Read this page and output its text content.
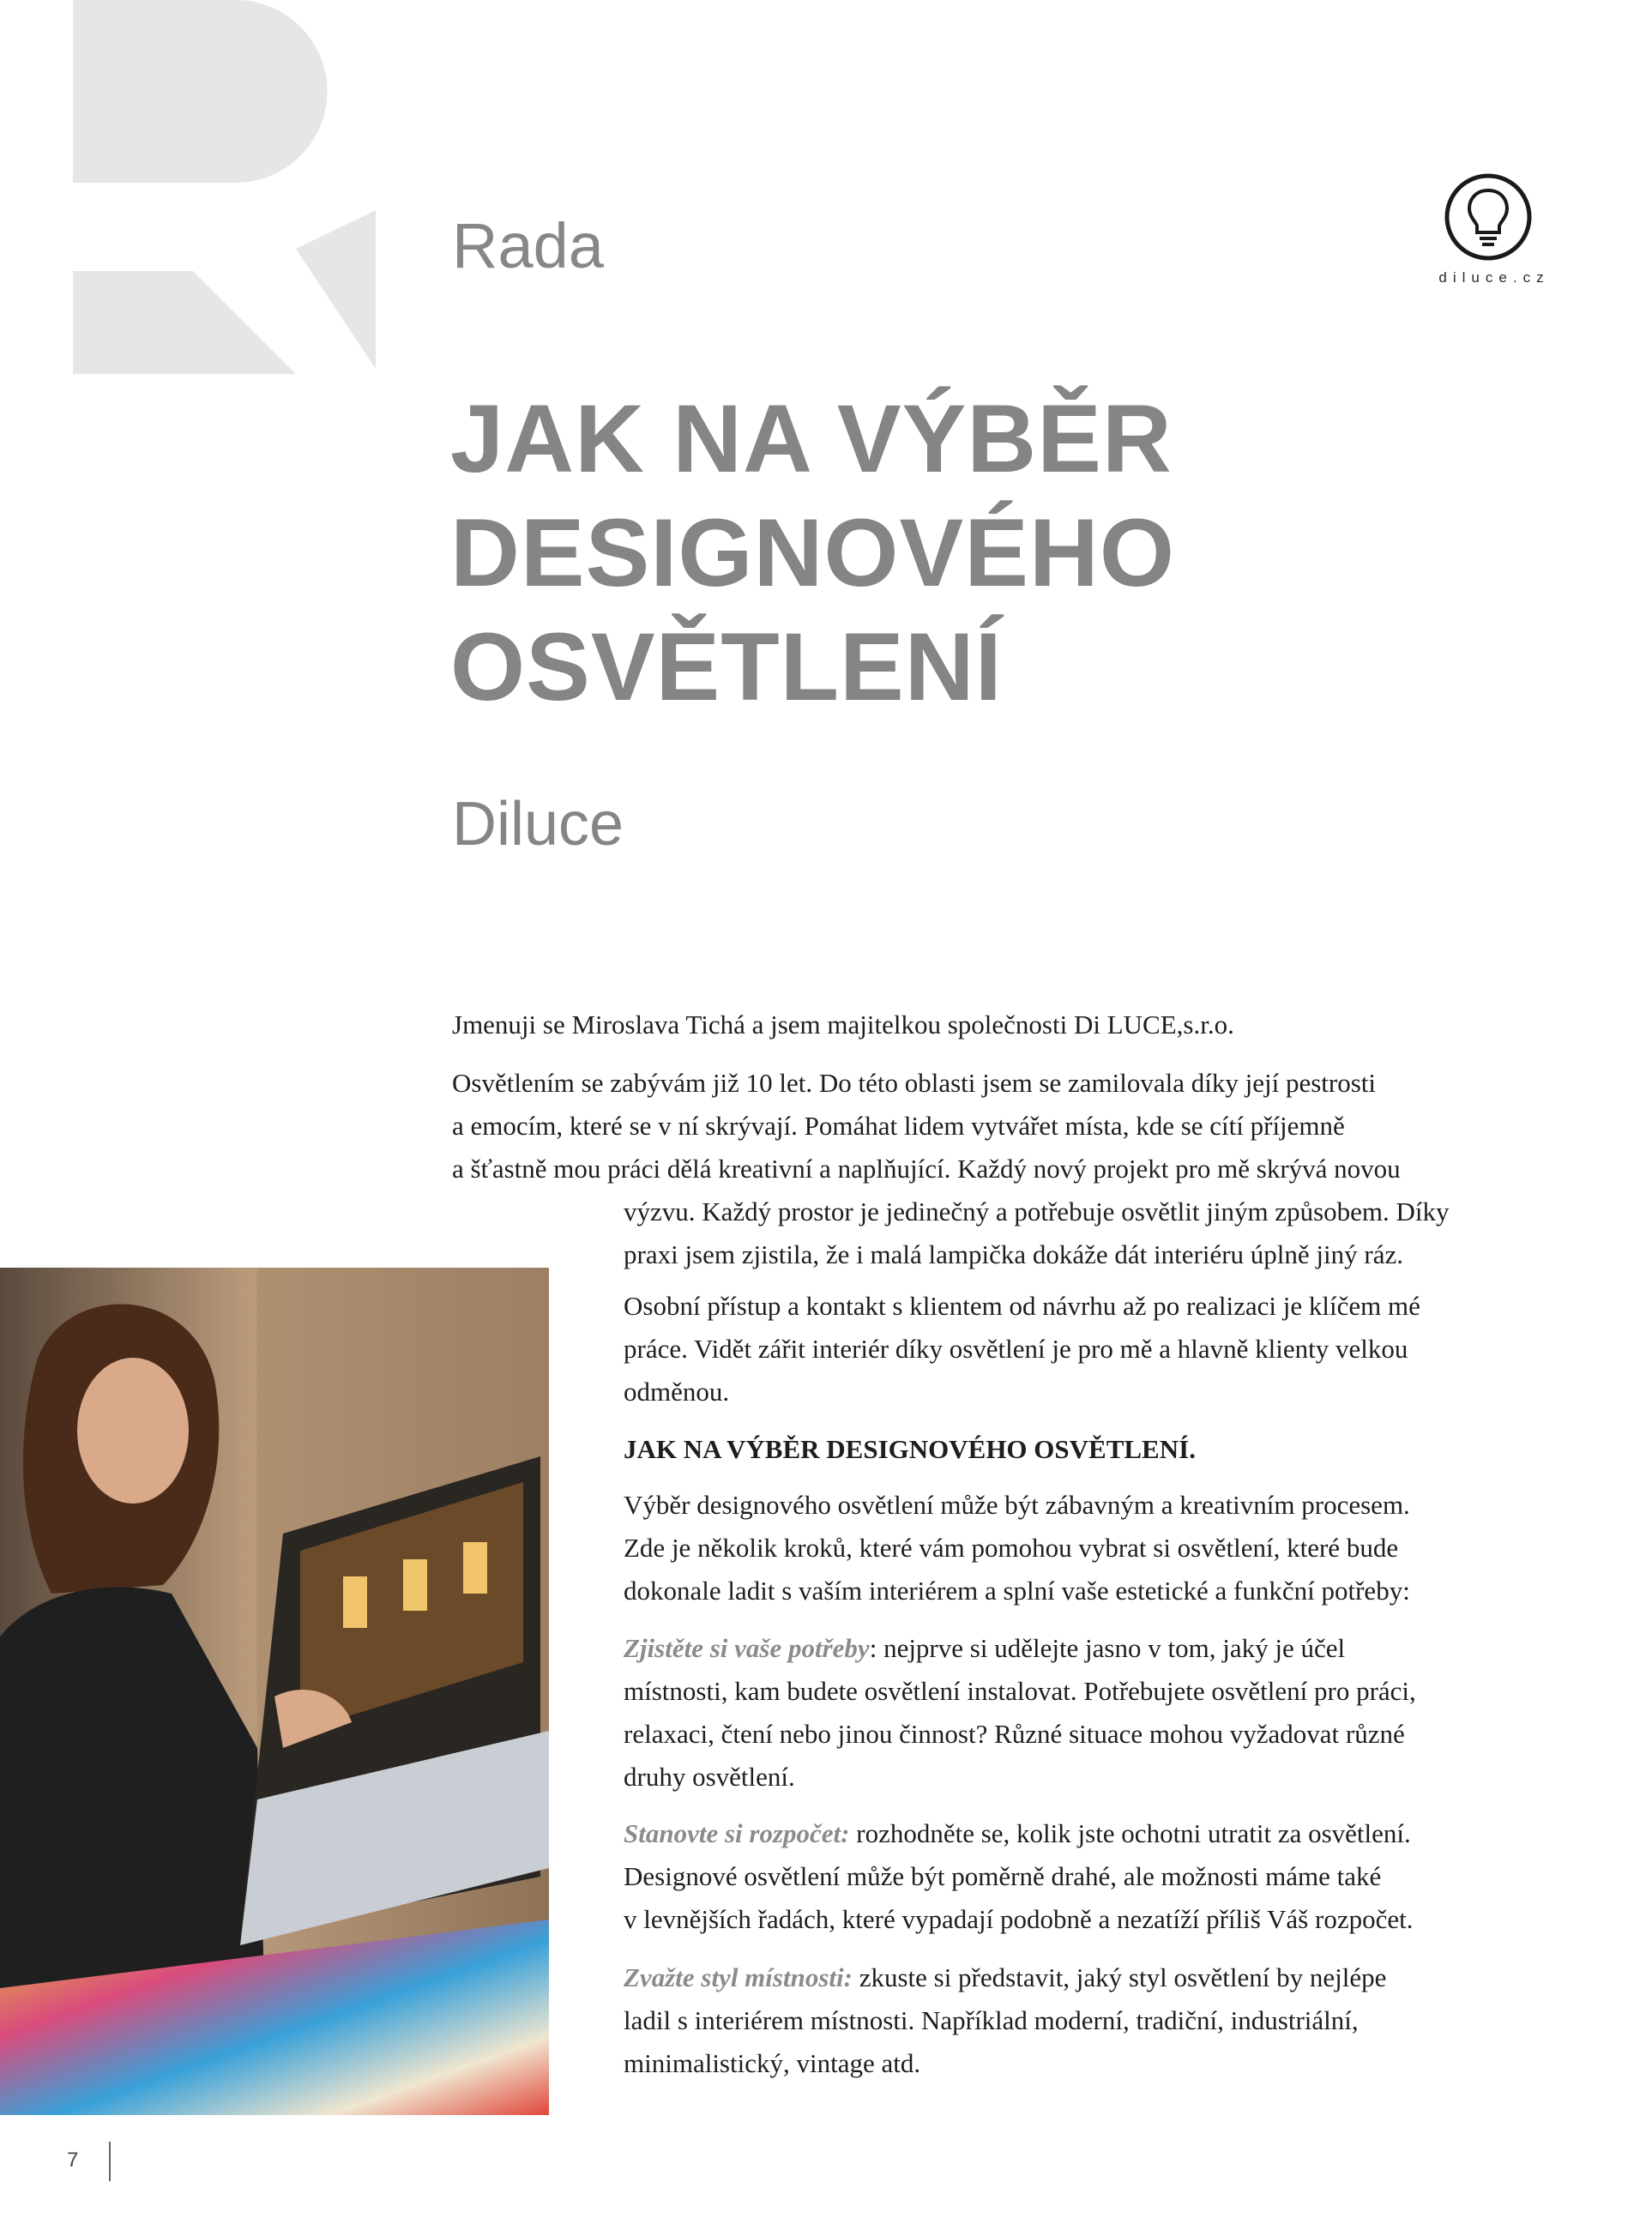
Rada	diluce.cz
JAK NA VÝBĚR
DESIGNOVÉHO
OSVĚTLENÍ
Diluce

Jmenuji se Miroslava Tichá a jsem majitelkou společnosti Di LUCE,s.r.o.

Osvětlením se zabývám již 10 let. Do této oblasti jsem se zamilovala díky její pestrosti
a emocím, které se v ní skrývají. Pomáhat lidem vytvářet místa, kde se cítí příjemně
a šťastně mou práci dělá kreativní a naplňující. Každý nový projekt pro mě skrývá novou

výzvu. Každý prostor je jedinečný a potřebuje osvětlit jiným způsobem. Díky
praxi jsem zjistila, že i malá lampička dokáže dát interiéru úplně jiný ráz.

Osobní přístup a kontakt s klientem od návrhu až po realizaci je klíčem mé
práce. Vidět zářit interiér díky osvětlení je pro mě a hlavně klienty velkou
odměnou.

JAK NA VÝBĚR DESIGNOVÉHO OSVĚTLENÍ.

Výběr designového osvětlení může být zábavným a kreativním procesem.
Zde je několik kroků, které vám pomohou vybrat si osvětlení, které bude
dokonale ladit s vaším interiérem a splní vaše estetické a funkční potřeby:

Zjistěte si vaše potřeby: nejprve si udělejte jasno v tom, jaký je účel
místnosti, kam budete osvětlení instalovat. Potřebujete osvětlení pro práci,
relaxaci, čtení nebo jinou činnost? Různé situace mohou vyžadovat různé
druhy osvětlení.

Stanovte si rozpočet: rozhodněte se, kolik jste ochotni utratit za osvětlení.
Designové osvětlení může být poměrně drahé, ale možnosti máme také
v levnějších řadách, které vypadají podobně a nezatíží příliš Váš rozpočet.

Zvažte styl místnosti: zkuste si představit, jaký styl osvětlení by nejlépe
ladil s interiérem místnosti. Například moderní, tradiční, industriální,
minimalistický, vintage atd.

7
